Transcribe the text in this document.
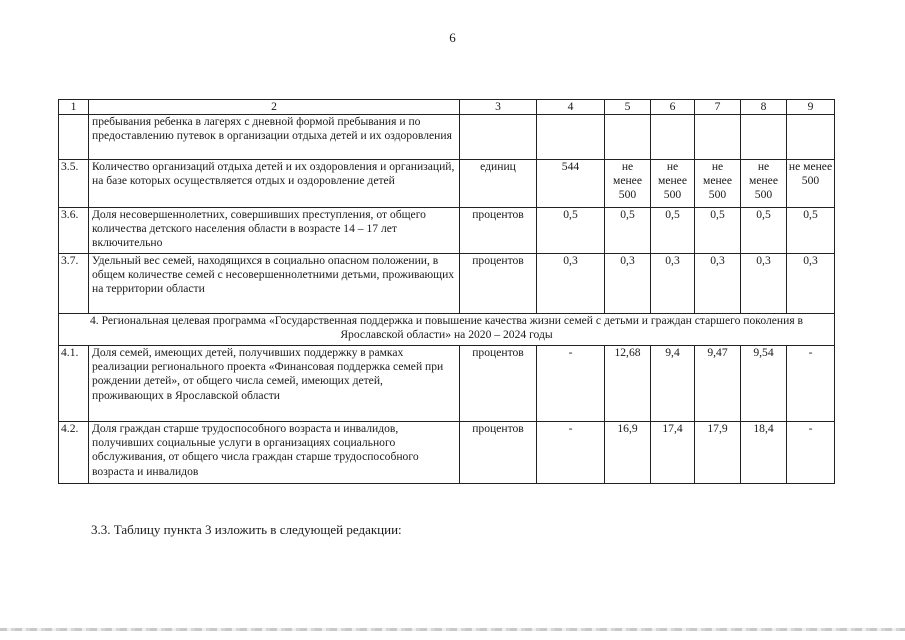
6
1	2	3	4	5	6	7	8	9
	пребывания ребенка в лагерях с дневной формой пребывания и по предоставлению путевок в организации отдыха детей и их оздоровления							
3.5.	Количество организаций отдыха детей и их оздоровления и организаций, на базе которых осуществляется отдых и оздоровление детей	единиц	544	не менее 500	не менее 500	не менее 500	не менее 500	не менее 500
3.6.	Доля несовершеннолетних, совершивших преступления, от общего количества детского населения области в возрасте 14 – 17 лет включительно	процентов	0,5	0,5	0,5	0,5	0,5	0,5
3.7.	Удельный вес семей, находящихся в социально опасном положении, в общем количестве семей с несовершеннолетними детьми, проживающих на территории области	процентов	0,3	0,3	0,3	0,3	0,3	0,3
4. Региональная целевая программа «Государственная поддержка и повышение качества жизни семей с детьми и граждан старшего поколения в Ярославской области» на 2020 – 2024 годы								
4.1.	Доля семей, имеющих детей, получивших поддержку в рамках реализации регионального проекта «Финансовая поддержка семей при рождении детей», от общего числа семей, имеющих детей, проживающих в Ярославской области	процентов	-	12,68	9,4	9,47	9,54	-
4.2.	Доля граждан старше трудоспособного возраста и инвалидов, получивших социальные услуги в организациях социального обслуживания, от общего числа граждан старше трудоспособного возраста и инвалидов	процентов	-	16,9	17,4	17,9	18,4	-
3.3. Таблицу пункта 3 изложить в следующей редакции:
